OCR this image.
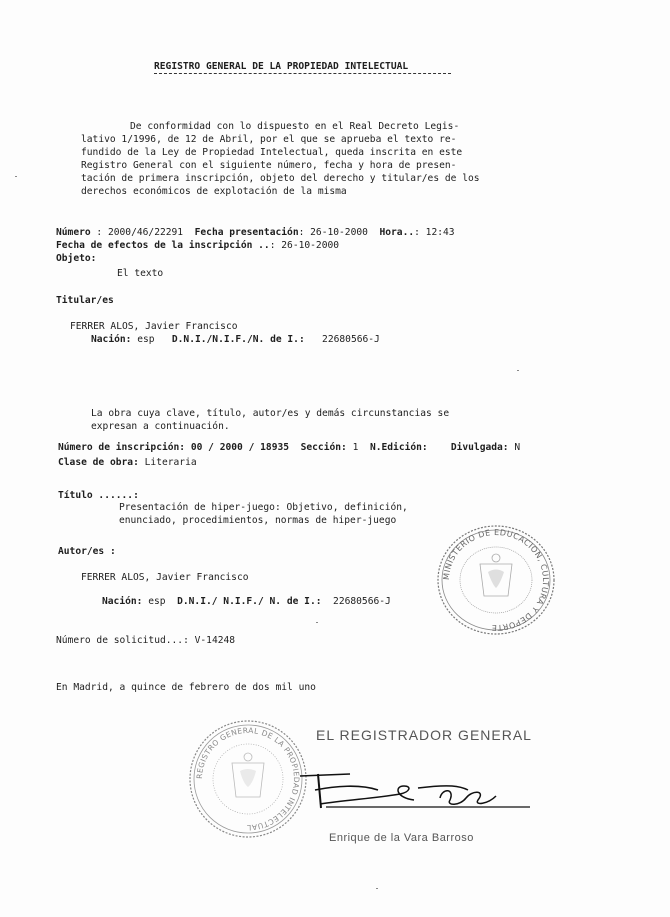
REGISTRO GENERAL DE LA PROPIEDAD INTELECTUAL
De conformidad con lo dispuesto en el Real Decreto Legis-
lativo 1/1996, de 12 de Abril, por el que se aprueba el texto re-
fundido de la Ley de Propiedad Intelectual, queda inscrita en este
Registro General con el siguiente número, fecha y hora de presen-
tación de primera inscripción, objeto del derecho y titular/es de los
derechos económicos de explotación de la misma
Número : 2000/46/22291  Fecha presentación: 26-10-2000  Hora..: 12:43
Fecha de efectos de la inscripción ..: 26-10-2000
Objeto:
El texto
Titular/es
FERRER ALOS, Javier Francisco
Nación: esp   D.N.I./N.I.F./N. de I.:   22680566-J
La obra cuya clave, título, autor/es y demás circunstancias se
expresan a continuación.
Número de inscripción: 00 / 2000 / 18935 Sección: 1  N.Edición: Divulgada: N
Clase de obra: Literaria
Título ......:
Presentación de hiper-juego: Objetivo, definición,
enunciado, procedimientos, normas de hiper-juego
Autor/es :
FERRER ALOS, Javier Francisco
Nación: esp  D.N.I./ N.I.F./ N. de I.:  22680566-J
Número de solicitud...: V-14248
En Madrid, a quince de febrero de dos mil uno
MINISTERIO DE EDUCACION, CULTURA Y DEPORTE
EL REGISTRADOR GENERAL
REGISTRO GENERAL DE LA PROPIEDAD INTELECTUAL
Enrique de la Vara Barroso
